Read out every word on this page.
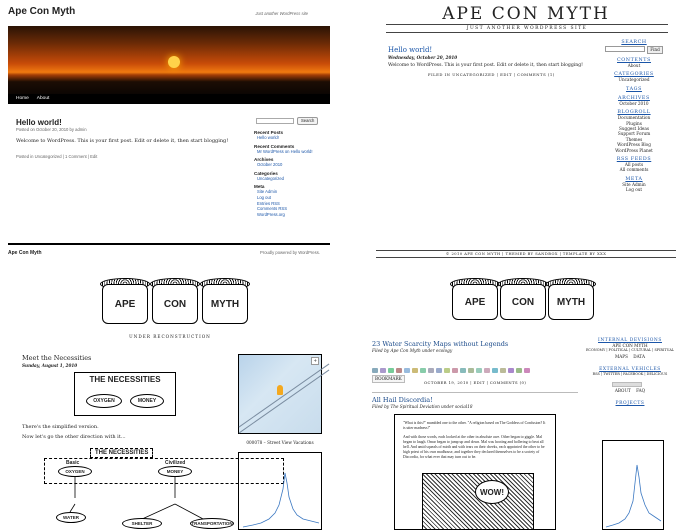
Ape Con Myth	Just another WordPress site
Home About
Hello world!
Posted on October 20, 2010 by admin
Welcome to WordPress. This is your first post. Edit or delete it, then start blogging!
Posted in Uncategorized | 1 Comment | Edit
Search
Recent Posts
Hello world!
Recent Comments
Mr WordPress on Hello world!
Archives
October 2010
Categories
Uncategorized
Meta
Site Admin
Log out
Entries RSS
Comments RSS
WordPress.org
Ape Con Myth	Proudly powered by WordPress.
APE CON MYTH
JUST ANOTHER WORDPRESS SITE
Hello world!
Wednesday, October 20, 2010
Welcome to WordPress. This is your first post. Edit or delete it, then start blogging!
FILED IN UNCATEGORIZED | EDIT | COMMENTS (1)
SEARCH
Find
CONTENTS
About
CATEGORIES
Uncategorized
TAGS
ARCHIVES
October 2010
BLOGROLL
Documentation
Plugins
Suggest Ideas
Support Forum
Themes
WordPress Blog
WordPress Planet
RSS FEEDS
All posts
All comments
META
Site Admin
Log out
© 2010 APE CON MYTH | THEMED BY SANDBOX | TEMPLATE BY XXX
APE	CON	MYTH
UNDER RECONSTRUCTION
Meet the Necessities
Sunday, August 1, 2010
THE NECESSITIES
OXYGEN	MONEY
There's the simplified version.
Now let's go the other direction with it...
THE NECESSITIES
Basic	Civilized
OXYGEN	MONEY
WATER
SHELTER	TRANSPORTATION
+
000078 – Street View Vacations
APE	CON	MYTH
23 Water Scarcity Maps without Legends
Filed by Ape Con Myth under ecology
BOOKMARK
OCTOBER 19, 2010 | EDIT | COMMENTS (0)
All Hail Discordia!
Filed by The Spiritual Deviation under social18
"What is this?" mumbled one to the other. "A religion based on The Goddess of Confusion? It is utter madness!"

And with those words, each looked at the other in absolute awe. Other began to giggle. Mal began to laugh. Omar began to jump up and down. Mal was hooting and hollering to beat all hell. And amid squeals of mirth and with tears on their cheeks, each appointed the other to be high priest of his own madhouse, and together they declared themselves to be a society of Discordia, for what ever that may turn out to be.
WOW!
INTERNAL DEVISIONS
APE CON MYTH
ECONOMY | POLITICAL | CULTURAL | SPIRITUAL
MAPS    DATA
EXTERNAL VEHICLES
RSS | TWITTER | FACEBOOK | DELICIOUS
ABOUT    FAQ
PROJECTS
